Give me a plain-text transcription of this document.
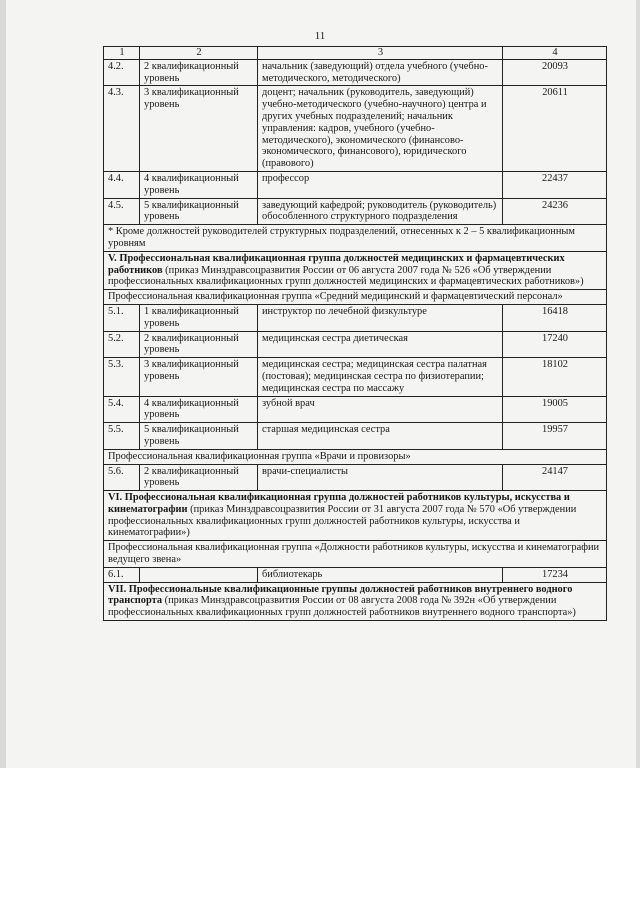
11
1	2	3	4
4.2.	2 квалификационный уровень	начальник (заведующий) отдела учебного (учебно-методического, методического)	20093
4.3.	3 квалификационный уровень	доцент; начальник (руководитель, заведующий) учебно-методического (учебно-научного) центра и других учебных подразделений; начальник управления: кадров, учебного (учебно-методического), экономического (финансово-экономического, финансового), юридического (правового)	20611
4.4.	4 квалификационный уровень	профессор	22437
4.5.	5 квалификационный уровень	заведующий кафедрой; руководитель (руководитель) обособленного структурного подразделения	24236
* Кроме должностей руководителей структурных подразделений, отнесенных к 2 – 5 квалификационным уровням			
V. Профессиональная квалификационная группа должностей медицинских и фармацевтических работников (приказ Минздравсоцразвития России от 06 августа 2007 года № 526 «Об утверждении профессиональных квалификационных групп должностей медицинских и фармацевтических работников»)			
Профессиональная квалификационная группа «Средний медицинский и фармацевтический персонал»			
5.1.	1 квалификационный уровень	инструктор по лечебной физкультуре	16418
5.2.	2 квалификационный уровень	медицинская сестра диетическая	17240
5.3.	3 квалификационный уровень	медицинская сестра; медицинская сестра палатная (постовая); медицинская сестра по физиотерапии; медицинская сестра по массажу	18102
5.4.	4 квалификационный уровень	зубной врач	19005
5.5.	5 квалификационный уровень	старшая медицинская сестра	19957
Профессиональная квалификационная группа «Врачи и провизоры»			
5.6.	2 квалификационный уровень	врачи-специалисты	24147
VI. Профессиональная квалификационная группа должностей работников культуры, искусства и кинематографии (приказ Минздравсоцразвития России от 31 августа 2007 года № 570 «Об утверждении профессиональных квалификационных групп должностей работников культуры, искусства и кинематографии»)			
Профессиональная квалификационная группа «Должности работников культуры, искусства и кинематографии ведущего звена»			
6.1.		библиотекарь	17234
VII. Профессиональные квалификационные группы должностей работников внутреннего водного транспорта (приказ Минздравсоцразвития России от 08 августа 2008 года № 392н «Об утверждении профессиональных квалификационных групп должностей работников внутреннего водного транспорта»)			
